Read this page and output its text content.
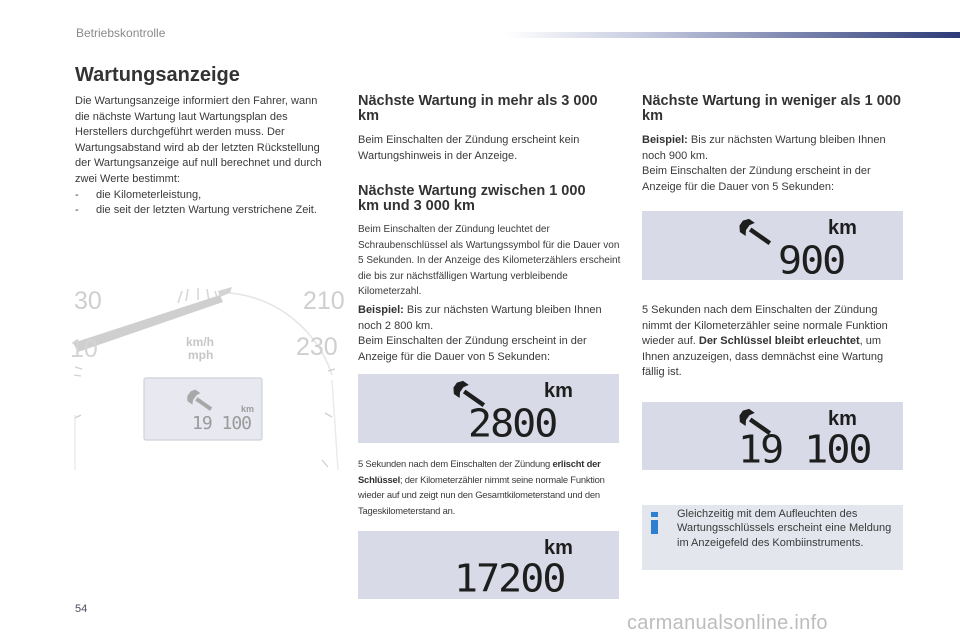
Betriebskontrolle
Wartungsanzeige

Die Wartungsanzeige informiert den Fahrer, wann die nächste Wartung laut Wartungsplan des Herstellers durchgeführt werden muss. Der Wartungsabstand wird ab der letzten Rückstellung der Wartungsanzeige auf null berechnet und durch zwei Werte bestimmt:

- die Kilometerleistung,
- die seit der letzten Wartung verstrichene Zeit.
30
10
210
230
km/h
mph
km
19 100
Nächste Wartung in mehr als 3 000 km
Beim Einschalten der Zündung erscheint kein Wartungshinweis in der Anzeige.
Nächste Wartung zwischen 1 000 km und 3 000 km
Beim Einschalten der Zündung leuchtet der Schraubenschlüssel als Wartungssymbol für die Dauer von 5 Sekunden. In der Anzeige des Kilometerzählers erscheint die bis zur nächstfälligen Wartung verbleibende Kilometerzahl.

Beispiel: Bis zur nächsten Wartung bleiben Ihnen noch 2 800 km.

Beim Einschalten der Zündung erscheint in der Anzeige für die Dauer von 5 Sekunden:

km
2800
5 Sekunden nach dem Einschalten der Zündung erlischt der Schlüssel; der Kilometerzähler nimmt seine normale Funktion wieder auf und zeigt nun den Gesamtkilometerstand und den Tageskilometerstand an.
km
17200
Nächste Wartung in weniger als 1 000 km

Beispiel: Bis zur nächsten Wartung bleiben Ihnen noch 900 km.

Beim Einschalten der Zündung erscheint in der Anzeige für die Dauer von 5 Sekunden:

km
900
5 Sekunden nach dem Einschalten der Zündung nimmt der Kilometerzähler seine normale Funktion wieder auf. Der Schlüssel bleibt erleuchtet, um Ihnen anzuzeigen, dass demnächst eine Wartung fällig ist.
km
19 100
Gleichzeitig mit dem Aufleuchten des Wartungsschlüssels erscheint eine Meldung im Anzeigefeld des Kombiinstruments.
54
carmanualsonline.info
